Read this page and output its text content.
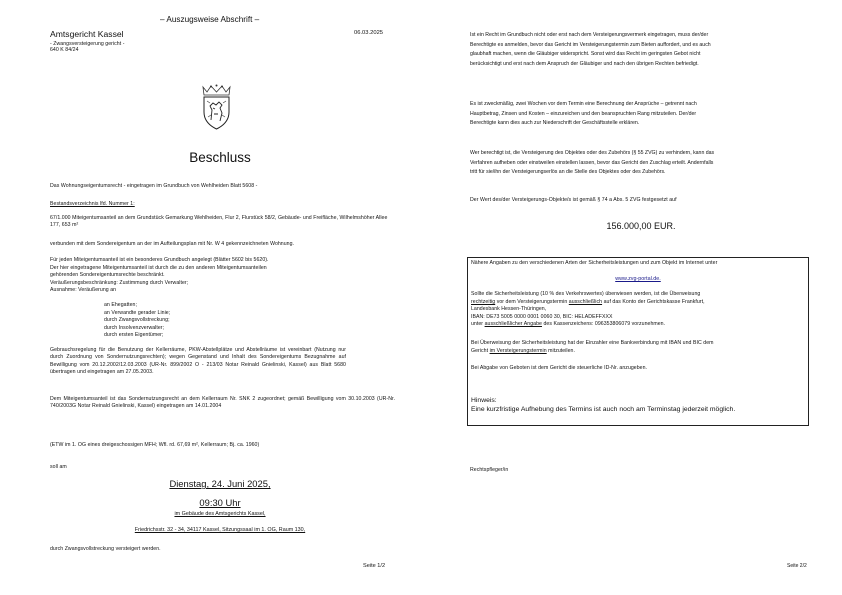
– Auszugsweise Abschrift –
Amtsgericht Kassel	06.03.2025
- Zwangsversteigerung gericht -
640 K 84/24
Beschluss
Das Wohnungseigentumsrecht - eingetragen im Grundbuch von Wehlheiden Blatt 5608 -
Bestandsverzeichnis lfd. Nummer 1:
67/1.000 Miteigentumsanteil an dem Grundstück Gemarkung Wehlheiden, Flur 2, Flurstück 58/2, Gebäude- und Freifläche, Wilhelmshöher Allee 177, 653 m²
verbunden mit dem Sondereigentum an der im Aufteilungsplan mit Nr. W 4 gekennzeichneten Wohnung.
Für jeden Miteigentumsanteil ist ein besonderes Grundbuch angelegt (Blätter 5602 bis 5620).
Der hier eingetragene Miteigentumsanteil ist durch die zu den anderen Miteigentumsanteilen
gehörenden Sondereigentumsrechte beschränkt.
Veräußerungsbeschränkung: Zustimmung durch Verwalter;
Ausnahme: Veräußerung an
an Ehegatten;
an Verwandte gerader Linie;
durch Zwangsvollstreckung;
durch Insolvenzverwalter;
durch ersten Eigentümer;
Gebrauchsregelung für die Benutzung der Kellerräume, PKW-Abstellplätze und Abstellräume ist vereinbart (Nutzung nur durch Zuordnung von Sondernutzungsrechten); wegen Gegenstand und Inhalt des Sondereigentums Bezugnahme auf Bewilligung vom 20.12.2002/12.03.2003 (UR-Nr. 899/2002 O - 213/03 Notar Reinald Gnielinski, Kassel) aus Blatt 5680 übertragen und eingetragen am 27.05.2003.
Dem Miteigentumsanteil ist das Sondernutzungsrecht an dem Kellerraum Nr. SNK 2 zugeordnet; gemäß Bewilligung vom 30.10.2003 (UR-Nr. 740/2003G Notar Reinald Gnielinski, Kassel) eingetragen am 14.01.2004
(ETW im 1. OG eines dreigeschossigen MFH; Wfl. rd. 67,69 m², Kellerraum; Bj. ca. 1960)
soll am
Dienstag, 24. Juni 2025,
09:30 Uhr
im Gebäude des Amtsgerichts Kassel,
Friedrichsstr. 32 - 34, 34117 Kassel, Sitzungssaal im 1. OG, Raum 130,
durch Zwangsvollstreckung versteigert werden.
Seite 1/2
Ist ein Recht im Grundbuch nicht oder erst nach dem Versteigerungsvermerk eingetragen, muss der/der
Berechtigte es anmelden, bevor das Gericht im Versteigerungstermin zum Bieten auffordert, und es auch
glaubhaft machen, wenn die Gläubiger widerspricht. Sonst wird das Recht im geringsten Gebot nicht
berücksichtigt und erst nach dem Anspruch der Gläubiger und nach den übrigen Rechten befriedigt.
Es ist zweckmäßig, zwei Wochen vor dem Termin eine Berechnung der Ansprüche – getrennt nach
Hauptbetrag, Zinsen und Kosten – einzureichen und den beanspruchten Rang mitzuteilen. Der/der
Berechtigte kann dies auch zur Niederschrift der Geschäftsstelle erklären.
Wer berechtigt ist, die Versteigerung des Objektes oder des Zubehörs (§ 55 ZVG) zu verhindern, kann das
Verfahren aufheben oder einstweilen einstellen lassen, bevor das Gericht den Zuschlag erteilt. Andernfalls
tritt für sie/ihn der Versteigerungserlös an die Stelle des Objektes oder des Zubehörs.
Der Wert des/der Versteigerungs-Objekte/s ist gemäß § 74 a Abs. 5 ZVG festgesetzt auf
156.000,00 EUR.
Nähere Angaben zu den verschiedenen Arten der Sicherheitsleistungen und zum Objekt im Internet unter
www.zvg-portal.de.
Sollte die Sicherheitsleistung (10 % des Verkehrswertes) überwiesen werden, ist die Überweisung
rechtzeitig vor dem Versteigerungstermin ausschließlich auf das Konto der Gerichtskasse Frankfurt,
Landesbank Hessen-Thüringen,
IBAN: DE73 5005 0000 0001 0060 30, BIC: HELADEFFXXX
unter ausschließlicher Angabe des Kassenzeichens: 096353806079 vorzunehmen.
Bei Überweisung der Sicherheitsleistung hat der Einzahler eine Bankverbindung mit IBAN und BIC dem
Gericht im Versteigerungstermin mitzuteilen.
Bei Abgabe von Geboten ist dem Gericht die steuerliche ID-Nr. anzugeben.
Hinweis:
Eine kurzfristige Aufhebung des Termins ist auch noch am Terminstag jederzeit möglich.
Rechtspfleger/in
Seite 2/2
